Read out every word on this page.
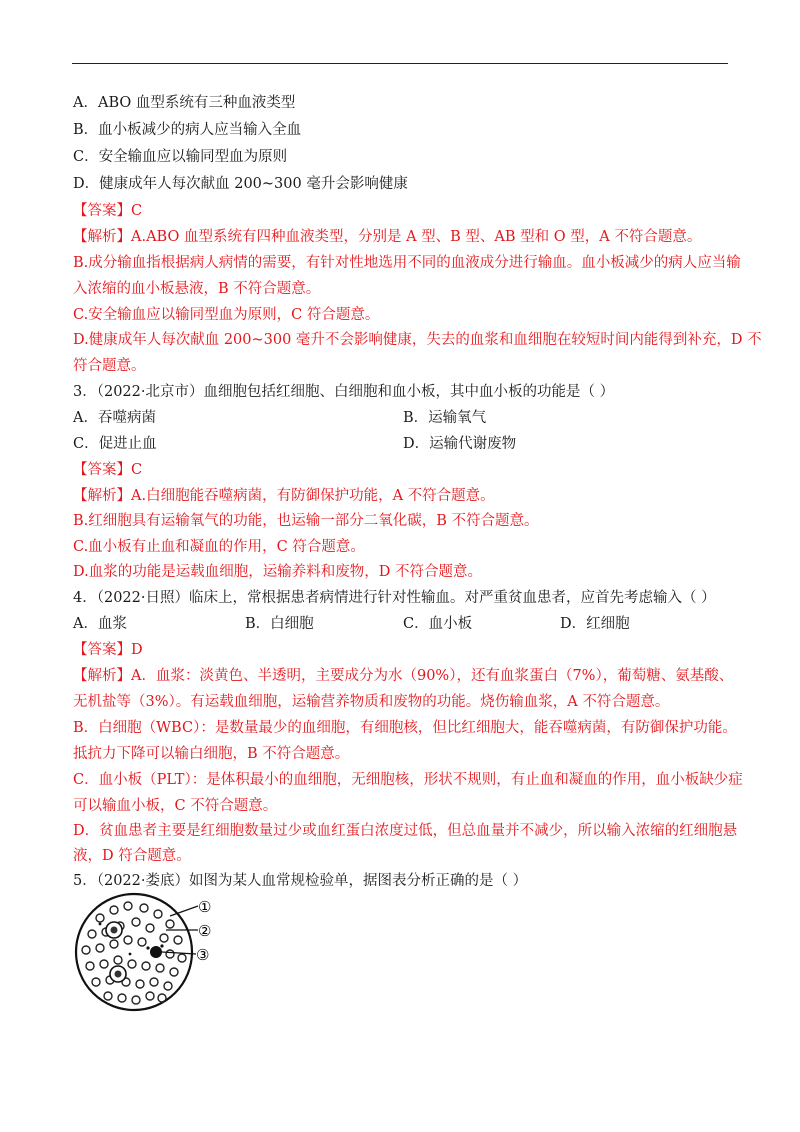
A．ABO 血型系统有三种血液类型
B．血小板减少的病人应当输入全血
C．安全输血应以输同型血为原则
D．健康成年人每次献血 200~300 毫升会影响健康
【答案】C
【解析】A.ABO 血型系统有四种血液类型，分别是 A 型、B 型、AB 型和 O 型，A 不符合题意。
B.成分输血指根据病人病情的需要，有针对性地选用不同的血液成分进行输血。血小板减少的病人应当输
入浓缩的血小板悬液，B 不符合题意。
C.安全输血应以输同型血为原则，C 符合题意。
D.健康成年人每次献血 200~300 毫升不会影响健康，失去的血浆和血细胞在较短时间内能得到补充，D 不
符合题意。
3．（2022·北京市）血细胞包括红细胞、白细胞和血小板，其中血小板的功能是（ ）
A．吞噬病菌	B．运输氧气
C．促进止血	D．运输代谢废物
【答案】C
【解析】A.白细胞能吞噬病菌，有防御保护功能，A 不符合题意。
B.红细胞具有运输氧气的功能，也运输一部分二氧化碳，B 不符合题意。
C.血小板有止血和凝血的作用，C 符合题意。
D.血浆的功能是运载血细胞，运输养料和废物，D 不符合题意。
4．（2022·日照）临床上，常根据患者病情进行针对性输血。对严重贫血患者，应首先考虑输入（ ）
A．血浆	B．白细胞	C．血小板	D．红细胞
【答案】D
【解析】A．血浆：淡黄色、半透明，主要成分为水（90%），还有血浆蛋白（7%），葡萄糖、氨基酸、
无机盐等（3%）。有运载血细胞，运输营养物质和废物的功能。烧伤输血浆，A 不符合题意。
B．白细胞（WBC）：是数量最少的血细胞，有细胞核，但比红细胞大，能吞噬病菌，有防御保护功能。
抵抗力下降可以输白细胞，B 不符合题意。
C．血小板（PLT）：是体积最小的血细胞，无细胞核，形状不规则，有止血和凝血的作用，血小板缺少症
可以输血小板，C 不符合题意。
D．贫血患者主要是红细胞数量过少或血红蛋白浓度过低，但总血量并不减少，所以输入浓缩的红细胞悬
液，D 符合题意。
5．（2022·娄底）如图为某人血常规检验单，据图表分析正确的是（ ）
①
②
③
